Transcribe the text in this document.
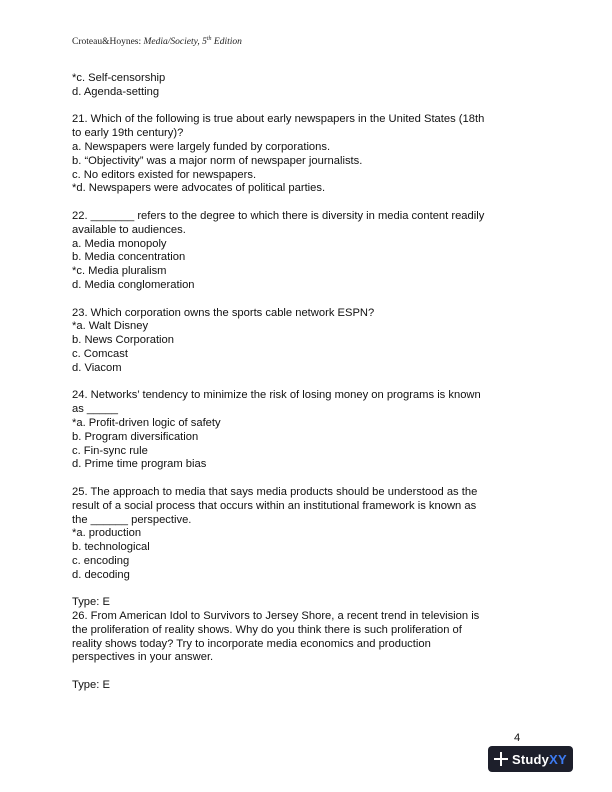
Croteau&Hoynes: Media/Society, 5th Edition
*c. Self-censorship
d. Agenda-setting
21. Which of the following is true about early newspapers in the United States (18th
to early 19th century)?
a. Newspapers were largely funded by corporations.
b. “Objectivity” was a major norm of newspaper journalists.
c. No editors existed for newspapers.
*d. Newspapers were advocates of political parties.
22. _______ refers to the degree to which there is diversity in media content readily
available to audiences.
a. Media monopoly
b. Media concentration
*c. Media pluralism
d. Media conglomeration
23. Which corporation owns the sports cable network ESPN?
*a. Walt Disney
b. News Corporation
c. Comcast
d. Viacom
24. Networks’ tendency to minimize the risk of losing money on programs is known
as _____
*a. Profit-driven logic of safety
b. Program diversification
c. Fin-sync rule
d. Prime time program bias
25. The approach to media that says media products should be understood as the
result of a social process that occurs within an institutional framework is known as
the ______ perspective.
*a. production
b. technological
c. encoding
d. decoding
Type: E
26. From American Idol to Survivors to Jersey Shore, a recent trend in television is
the proliferation of reality shows. Why do you think there is such proliferation of
reality shows today? Try to incorporate media economics and production
perspectives in your answer.
Type: E
4
StudyXY
